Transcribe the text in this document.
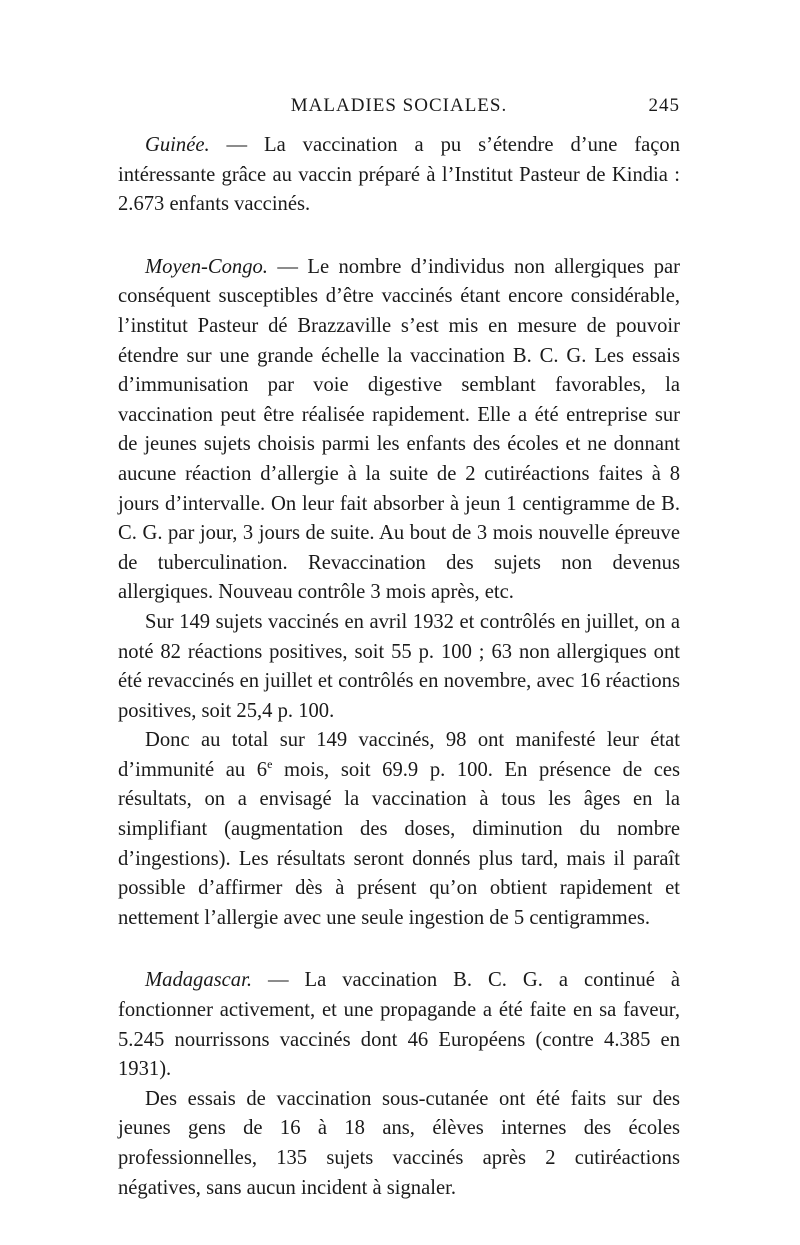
MALADIES SOCIALES.	245

Guinée. — La vaccination a pu s’étendre d’une façon intéressante grâce au vaccin préparé à l’Institut Pasteur de Kindia : 2.673 enfants vaccinés.

Moyen-Congo. — Le nombre d’individus non allergiques par conséquent susceptibles d’être vaccinés étant encore considérable, l’institut Pasteur dé Brazzaville s’est mis en mesure de pouvoir étendre sur une grande échelle la vaccination B. C. G. Les essais d’immunisation par voie digestive semblant favorables, la vaccination peut être réalisée rapidement. Elle a été entreprise sur de jeunes sujets choisis parmi les enfants des écoles et ne donnant aucune réaction d’allergie à la suite de 2 cutiréactions faites à 8 jours d’intervalle. On leur fait absorber à jeun 1 centigramme de B. C. G. par jour, 3 jours de suite. Au bout de 3 mois nouvelle épreuve de tuberculination. Revaccination des sujets non devenus allergiques. Nouveau contrôle 3 mois après, etc.

Sur 149 sujets vaccinés en avril 1932 et contrôlés en juillet, on a noté 82 réactions positives, soit 55 p. 100 ; 63 non allergiques ont été revaccinés en juillet et contrôlés en novembre, avec 16 réactions positives, soit 25,4 p. 100.

Donc au total sur 149 vaccinés, 98 ont manifesté leur état d’immunité au 6e mois, soit 69.9 p. 100. En présence de ces résultats, on a envisagé la vaccination à tous les âges en la simplifiant (augmentation des doses, diminution du nombre d’ingestions). Les résultats seront donnés plus tard, mais il paraît possible d’affirmer dès à présent qu’on obtient rapidement et nettement l’allergie avec une seule ingestion de 5 centigrammes.

Madagascar. — La vaccination B. C. G. a continué à fonctionner activement, et une propagande a été faite en sa faveur, 5.245 nourrissons vaccinés dont 46 Européens (contre 4.385 en 1931).

Des essais de vaccination sous-cutanée ont été faits sur des jeunes gens de 16 à 18 ans, élèves internes des écoles professionnelles, 135 sujets vaccinés après 2 cutiréactions négatives, sans aucun incident à signaler.
